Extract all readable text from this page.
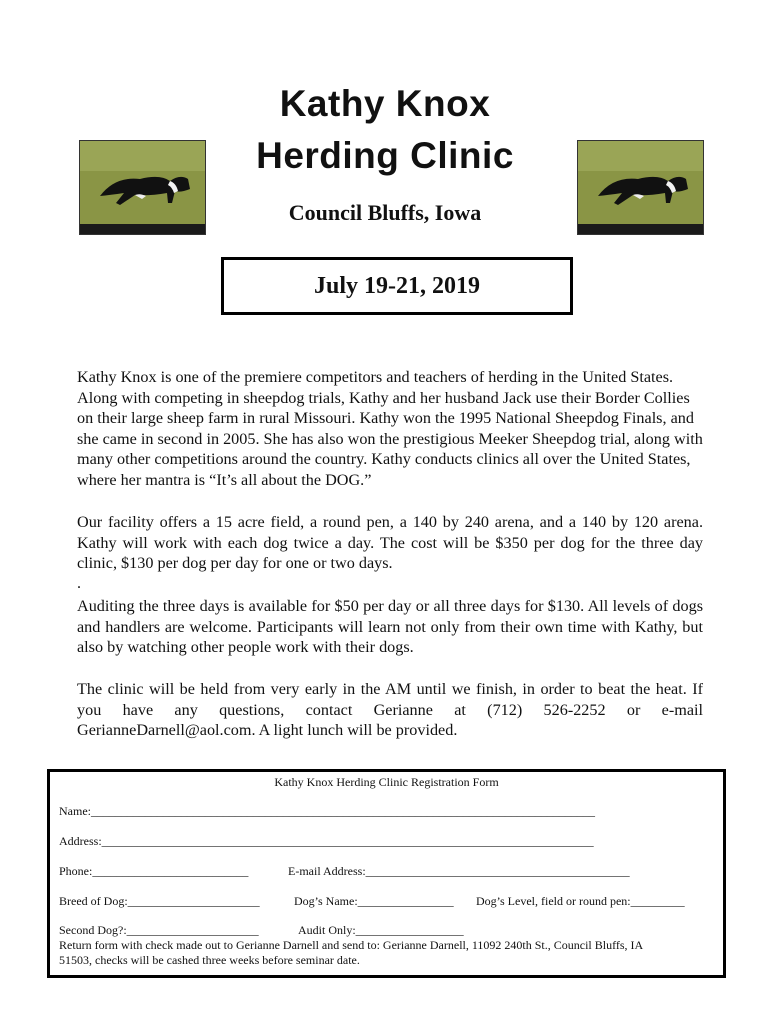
Kathy Knox
Herding Clinic
Council Bluffs, Iowa
July 19-21, 2019
Kathy Knox is one of the premiere competitors and teachers of herding in the United States. Along with competing in sheepdog trials, Kathy and her husband Jack use their Border Collies on their large sheep farm in rural Missouri. Kathy won the 1995 National Sheepdog Finals, and she came in second in 2005. She has also won the prestigious Meeker Sheepdog trial, along with many other competitions around the country. Kathy conducts clinics all over the United States, where her mantra is “It’s all about the DOG.”
Our facility offers a 15 acre field, a round pen, a 140 by 240 arena, and a 140 by 120 arena. Kathy will work with each dog twice a day. The cost will be $350 per dog for the three day clinic, $130 per dog per day for one or two days.
.
Auditing the three days is available for $50 per day or all three days for $130. All levels of dogs and handlers are welcome. Participants will learn not only from their own time with Kathy, but also by watching other people work with their dogs.
The clinic will be held from very early in the AM until we finish, in order to beat the heat. If you have any questions, contact Gerianne at (712) 526-2252 or e-mail GerianneDarnell@aol.com. A light lunch will be provided.
Kathy Knox Herding Clinic Registration Form
Name:____________________________________________________________________________________
Address:__________________________________________________________________________________
Phone:__________________________	E-mail Address:____________________________________________
Breed of Dog:______________________	Dog’s Name:________________ Dog’s Level, field or round pen:_________
Second Dog?:______________________	Audit Only:__________________
Return form with check made out to Gerianne Darnell and send to: Gerianne Darnell, 11092 240th St., Council Bluffs, IA
51503, checks will be cashed three weeks before seminar date.
